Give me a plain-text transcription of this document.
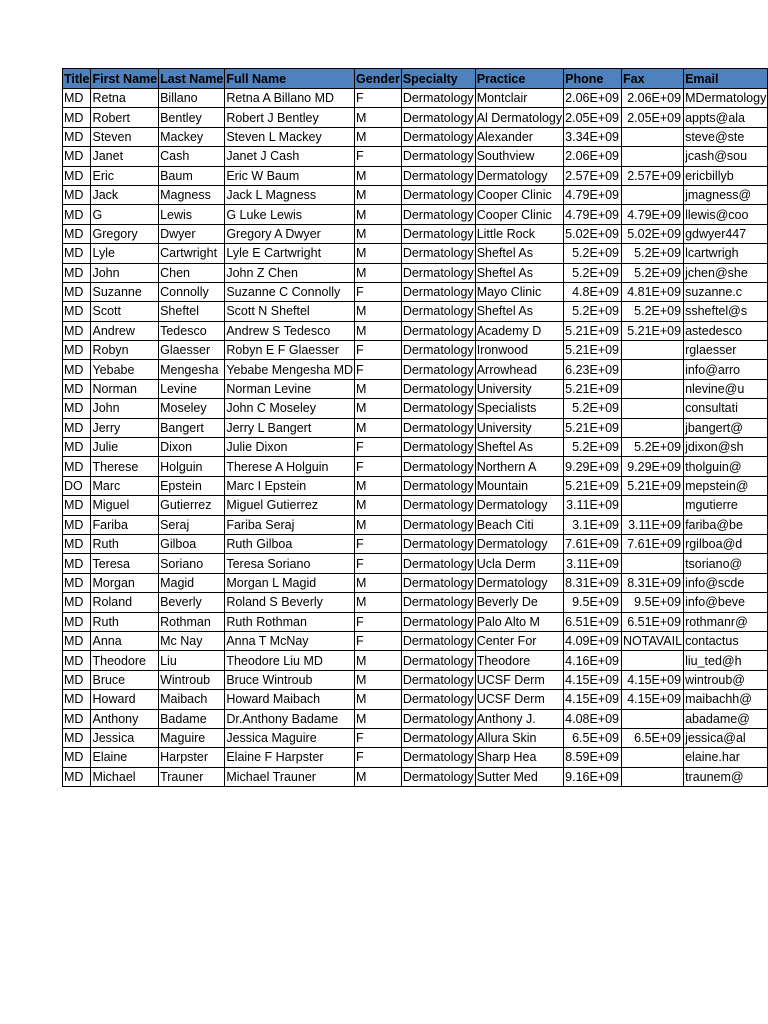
Title	First Name	Last Name	Full Name	Gender	Specialty	Practice	Phone	Fax	Email
MD	Retna	Billano	Retna A Billano MD	F	Dermatology	Montclair	2.06E+09	2.06E+09	MDermatology
MD	Robert	Bentley	Robert J Bentley	M	Dermatology	Al Dermatology	2.05E+09	2.05E+09	appts@ala
MD	Steven	Mackey	Steven L Mackey	M	Dermatology	Alexander	3.34E+09		steve@ste
MD	Janet	Cash	Janet J Cash	F	Dermatology	Southview	2.06E+09		jcash@sou
MD	Eric	Baum	Eric W Baum	M	Dermatology	Dermatology	2.57E+09	2.57E+09	ericbillyb
MD	Jack	Magness	Jack L Magness	M	Dermatology	Cooper Clinic	4.79E+09		jmagness@
MD	G	Lewis	G Luke Lewis	M	Dermatology	Cooper Clinic	4.79E+09	4.79E+09	llewis@coo
MD	Gregory	Dwyer	Gregory A Dwyer	M	Dermatology	Little Rock	5.02E+09	5.02E+09	gdwyer447
MD	Lyle	Cartwright	Lyle E Cartwright	M	Dermatology	Sheftel As	5.2E+09	5.2E+09	lcartwrigh
MD	John	Chen	John Z Chen	M	Dermatology	Sheftel As	5.2E+09	5.2E+09	jchen@she
MD	Suzanne	Connolly	Suzanne C Connolly	F	Dermatology	Mayo Clinic	4.8E+09	4.81E+09	suzanne.c
MD	Scott	Sheftel	Scott N Sheftel	M	Dermatology	Sheftel As	5.2E+09	5.2E+09	ssheftel@s
MD	Andrew	Tedesco	Andrew S Tedesco	M	Dermatology	Academy D	5.21E+09	5.21E+09	astedesco
MD	Robyn	Glaesser	Robyn E F Glaesser	F	Dermatology	Ironwood	5.21E+09		rglaesser
MD	Yebabe	Mengesha	Yebabe Mengesha MD	F	Dermatology	Arrowhead	6.23E+09		info@arro
MD	Norman	Levine	Norman Levine	M	Dermatology	University	5.21E+09		nlevine@u
MD	John	Moseley	John C Moseley	M	Dermatology	Specialists	5.2E+09		consultati
MD	Jerry	Bangert	Jerry L Bangert	M	Dermatology	University	5.21E+09		jbangert@
MD	Julie	Dixon	Julie Dixon	F	Dermatology	Sheftel As	5.2E+09	5.2E+09	jdixon@sh
MD	Therese	Holguin	Therese A Holguin	F	Dermatology	Northern A	9.29E+09	9.29E+09	tholguin@
DO	Marc	Epstein	Marc I Epstein	M	Dermatology	Mountain	5.21E+09	5.21E+09	mepstein@
MD	Miguel	Gutierrez	Miguel Gutierrez	M	Dermatology	Dermatology	3.11E+09		mgutierre
MD	Fariba	Seraj	Fariba Seraj	M	Dermatology	Beach Citi	3.1E+09	3.11E+09	fariba@be
MD	Ruth	Gilboa	Ruth Gilboa	F	Dermatology	Dermatology	7.61E+09	7.61E+09	rgilboa@d
MD	Teresa	Soriano	Teresa Soriano	F	Dermatology	Ucla Derm	3.11E+09		tsoriano@
MD	Morgan	Magid	Morgan L Magid	M	Dermatology	Dermatology	8.31E+09	8.31E+09	info@scde
MD	Roland	Beverly	Roland S Beverly	M	Dermatology	Beverly De	9.5E+09	9.5E+09	info@beve
MD	Ruth	Rothman	Ruth Rothman	F	Dermatology	Palo Alto M	6.51E+09	6.51E+09	rothmanr@
MD	Anna	Mc Nay	Anna T McNay	F	Dermatology	Center For	4.09E+09	NOTAVAIL	contactus
MD	Theodore	Liu	Theodore Liu MD	M	Dermatology	Theodore	4.16E+09		liu_ted@h
MD	Bruce	Wintroub	Bruce Wintroub	M	Dermatology	UCSF Derm	4.15E+09	4.15E+09	wintroub@
MD	Howard	Maibach	Howard Maibach	M	Dermatology	UCSF Derm	4.15E+09	4.15E+09	maibachh@
MD	Anthony	Badame	Dr.Anthony Badame	M	Dermatology	Anthony J.	4.08E+09		abadame@
MD	Jessica	Maguire	Jessica Maguire	F	Dermatology	Allura Skin	6.5E+09	6.5E+09	jessica@al
MD	Elaine	Harpster	Elaine F Harpster	F	Dermatology	Sharp Hea	8.59E+09		elaine.har
MD	Michael	Trauner	Michael Trauner	M	Dermatology	Sutter Med	9.16E+09		traunem@
